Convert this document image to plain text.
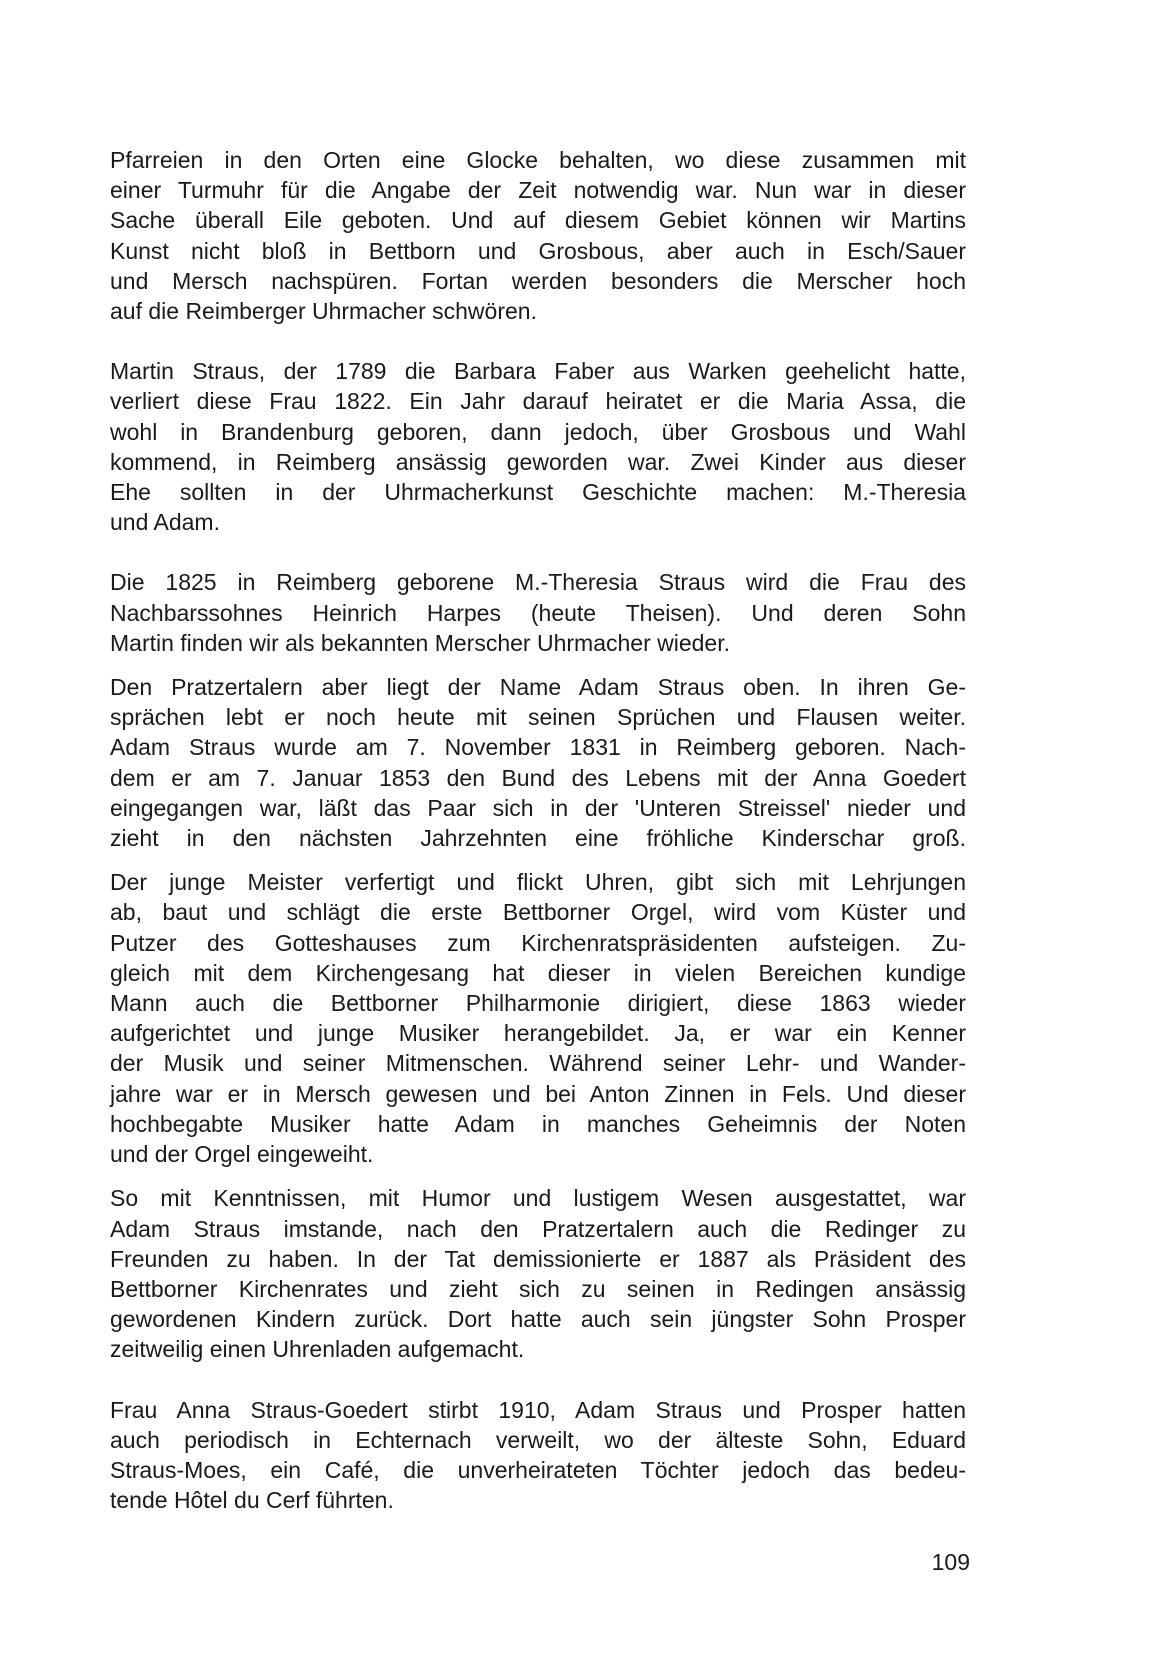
Pfarreien in den Orten eine Glocke behalten, wo diese zusammen mit
einer Turmuhr für die Angabe der Zeit notwendig war. Nun war in dieser
Sache überall Eile geboten. Und auf diesem Gebiet können wir Martins
Kunst nicht bloß in Bettborn und Grosbous, aber auch in Esch/Sauer
und Mersch nachspüren. Fortan werden besonders die Merscher hoch
auf die Reimberger Uhrmacher schwören.

Martin Straus, der 1789 die Barbara Faber aus Warken geehelicht hatte,
verliert diese Frau 1822. Ein Jahr darauf heiratet er die Maria Assa, die
wohl in Brandenburg geboren, dann jedoch, über Grosbous und Wahl
kommend, in Reimberg ansässig geworden war. Zwei Kinder aus dieser
Ehe sollten in der Uhrmacherkunst Geschichte machen: M.-Theresia
und Adam.

Die 1825 in Reimberg geborene M.-Theresia Straus wird die Frau des
Nachbarssohnes Heinrich Harpes (heute Theisen). Und deren Sohn
Martin finden wir als bekannten Merscher Uhrmacher wieder.

Den Pratzertalern aber liegt der Name Adam Straus oben. In ihren Ge-
sprächen lebt er noch heute mit seinen Sprüchen und Flausen weiter.
Adam Straus wurde am 7. November 1831 in Reimberg geboren. Nach-
dem er am 7. Januar 1853 den Bund des Lebens mit der Anna Goedert
eingegangen war, läßt das Paar sich in der 'Unteren Streissel' nieder und
zieht in den nächsten Jahrzehnten eine fröhliche Kinderschar groß.

Der junge Meister verfertigt und flickt Uhren, gibt sich mit Lehrjungen
ab, baut und schlägt die erste Bettborner Orgel, wird vom Küster und
Putzer des Gotteshauses zum Kirchenratspräsidenten aufsteigen. Zu-
gleich mit dem Kirchengesang hat dieser in vielen Bereichen kundige
Mann auch die Bettborner Philharmonie dirigiert, diese 1863 wieder
aufgerichtet und junge Musiker herangebildet. Ja, er war ein Kenner
der Musik und seiner Mitmenschen. Während seiner Lehr- und Wander-
jahre war er in Mersch gewesen und bei Anton Zinnen in Fels. Und dieser
hochbegabte Musiker hatte Adam in manches Geheimnis der Noten
und der Orgel eingeweiht.

So mit Kenntnissen, mit Humor und lustigem Wesen ausgestattet, war
Adam Straus imstande, nach den Pratzertalern auch die Redinger zu
Freunden zu haben. In der Tat demissionierte er 1887 als Präsident des
Bettborner Kirchenrates und zieht sich zu seinen in Redingen ansässig
gewordenen Kindern zurück. Dort hatte auch sein jüngster Sohn Prosper
zeitweilig einen Uhrenladen aufgemacht.

Frau Anna Straus-Goedert stirbt 1910, Adam Straus und Prosper hatten
auch periodisch in Echternach verweilt, wo der älteste Sohn, Eduard
Straus-Moes, ein Café, die unverheirateten Töchter jedoch das bedeu-
tende Hôtel du Cerf führten.

109
